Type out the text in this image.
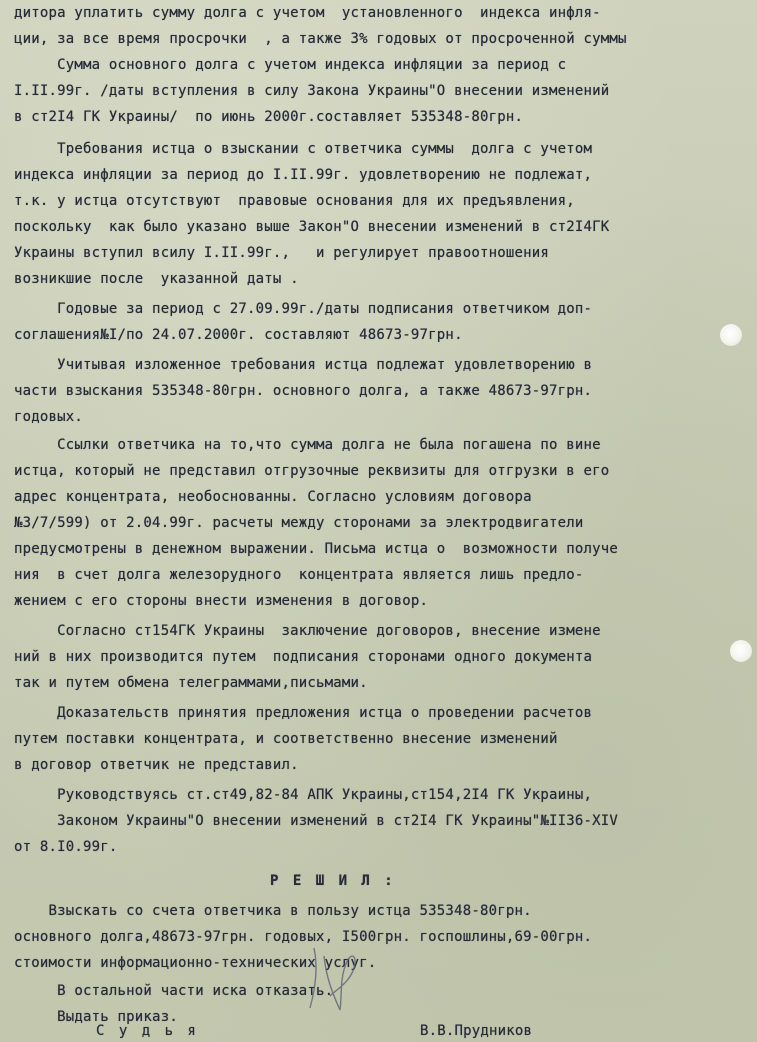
дитора уплатить сумму долга с учетом  установленного  индекса инфля-

ции, за все время просрочки  , а также 3% годовых от просроченной суммы

Сумма основного долга с учетом индекса инфляции за период с

I.II.99г. /даты вступления в силу Закона Украины"О внесении изменений

в ст2I4 ГК Украины/  по июнь 2000г.составляет 535348-80грн.

Требования истца о взыскании с ответчика суммы  долга с учетом

индекса инфляции за период до I.II.99г. удовлетворению не подлежат,

т.к. у истца отсутствуют  правовые основания для их предъявления,

поскольку  как было указано выше Закон"О внесении изменений в ст2I4ГК

Украины вступил всилу I.II.99г.,   и регулирует правоотношения

возникшие после  указанной даты .

Годовые за период с 27.09.99г./даты подписания ответчиком доп-

соглашения№I/по 24.07.2000г. составляют 48673-97грн.

Учитывая изложенное требования истца подлежат удовлетворению в

части взыскания 535348-80грн. основного долга, а также 48673-97грн.

годовых.

Ссылки ответчика на то,что сумма долга не была погашена по вине

истца, который не представил отгрузочные реквизиты для отгрузки в его

адрес концентрата, необоснованны. Согласно условиям договора

№3/7/599) от 2.04.99г. расчеты между сторонами за электродвигатели

предусмотрены в денежном выражении. Письма истца о  возможности получе

ния  в счет долга железорудного  концентрата является лишь предло-

жением с его стороны внести изменения в договор.

Согласно ст154ГК Украины  заключение договоров, внесение измене

ний в них производится путем  подписания сторонами одного документа

так и путем обмена телеграммами,письмами.

Доказательств принятия предложения истца о проведении расчетов

путем поставки концентрата, и соответственно внесение изменений

в договор ответчик не представил.

Руководствуясь ст.ст49,82-84 АПК Украины,ст154,2I4 ГК Украины,

Законом Украины"О внесении изменений в ст2I4 ГК Украины"№II36-XIV

от 8.I0.99г.

Р Е Ш И Л :

Взыскать со счета ответчика в пользу истца 535348-80грн.

основного долга,48673-97грн. годовых, I500грн. госпошлины,69-00грн.

стоимости информационно-технических услуг.

В остальной части иска отказать.

Выдать приказ.

С у д ь я	В.В.Прудников
